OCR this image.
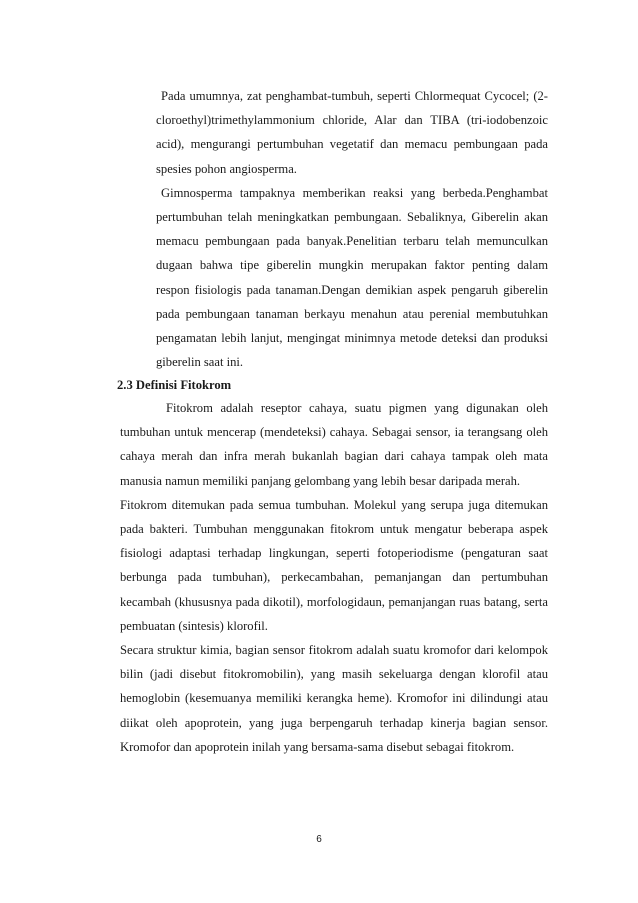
Pada umumnya, zat penghambat-tumbuh, seperti Chlormequat Cycocel; (2-cloroethyl)trimethylammonium chloride, Alar dan TIBA (tri-iodobenzoic acid), mengurangi pertumbuhan vegetatif dan memacu pembungaan pada spesies pohon angiosperma.

Gimnosperma tampaknya memberikan reaksi yang berbeda.Penghambat pertumbuhan telah meningkatkan pembungaan. Sebaliknya, Giberelin akan memacu pembungaan pada banyak.Penelitian terbaru telah memunculkan dugaan bahwa tipe giberelin mungkin merupakan faktor penting dalam respon fisiologis pada tanaman.Dengan demikian aspek pengaruh giberelin pada pembungaan tanaman berkayu menahun atau perenial membutuhkan pengamatan lebih lanjut, mengingat minimnya metode deteksi dan produksi giberelin saat ini.

2.3 Definisi Fitokrom

Fitokrom adalah reseptor cahaya, suatu pigmen yang digunakan oleh tumbuhan untuk mencerap (mendeteksi) cahaya. Sebagai sensor, ia terangsang oleh cahaya merah dan infra merah bukanlah bagian dari cahaya tampak oleh mata manusia namun memiliki panjang gelombang yang lebih besar daripada merah.

Fitokrom ditemukan pada semua tumbuhan. Molekul yang serupa juga ditemukan pada bakteri. Tumbuhan menggunakan fitokrom untuk mengatur beberapa aspek fisiologi adaptasi terhadap lingkungan, seperti fotoperiodisme (pengaturan saat berbunga pada tumbuhan), perkecambahan, pemanjangan dan pertumbuhan kecambah (khususnya pada dikotil), morfologidaun, pemanjangan ruas batang, serta pembuatan (sintesis) klorofil.

Secara struktur kimia, bagian sensor fitokrom adalah suatu kromofor dari kelompok bilin (jadi disebut fitokromobilin), yang masih sekeluarga dengan klorofil atau hemoglobin (kesemuanya memiliki kerangka heme). Kromofor ini dilindungi atau diikat oleh apoprotein, yang juga berpengaruh terhadap kinerja bagian sensor. Kromofor dan apoprotein inilah yang bersama-sama disebut sebagai fitokrom.

6
